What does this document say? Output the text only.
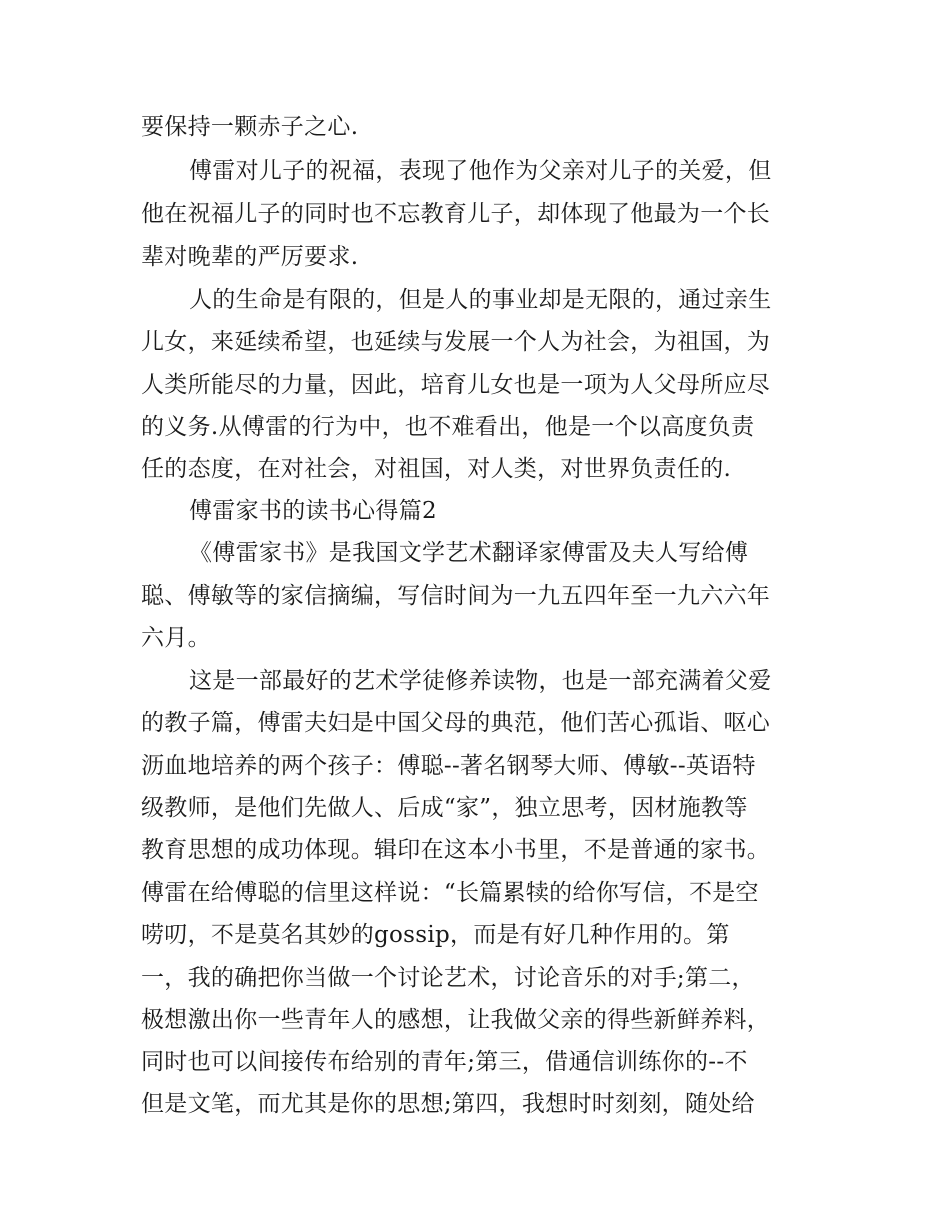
要保持一颗赤子之心.
傅雷对儿子的祝福，表现了他作为父亲对儿子的关爱，但
他在祝福儿子的同时也不忘教育儿子，却体现了他最为一个长
辈对晚辈的严厉要求.
人的生命是有限的，但是人的事业却是无限的，通过亲生
儿女，来延续希望，也延续与发展一个人为社会，为祖国，为
人类所能尽的力量，因此，培育儿女也是一项为人父母所应尽
的义务.从傅雷的行为中，也不难看出，他是一个以高度负责
任的态度，在对社会，对祖国，对人类，对世界负责任的.
傅雷家书的读书心得篇2
《傅雷家书》是我国文学艺术翻译家傅雷及夫人写给傅
聪、傅敏等的家信摘编，写信时间为一九五四年至一九六六年
六月。
这是一部最好的艺术学徒修养读物，也是一部充满着父爱
的教子篇，傅雷夫妇是中国父母的典范，他们苦心孤诣、呕心
沥血地培养的两个孩子：傅聪--著名钢琴大师、傅敏--英语特
级教师，是他们先做人、后成“家”，独立思考，因材施教等
教育思想的成功体现。辑印在这本小书里，不是普通的家书。
傅雷在给傅聪的信里这样说：“长篇累犊的给你写信，不是空
唠叨，不是莫名其妙的gossip，而是有好几种作用的。第
一，我的确把你当做一个讨论艺术，讨论音乐的对手;第二，
极想激出你一些青年人的感想，让我做父亲的得些新鲜养料，
同时也可以间接传布给别的青年;第三，借通信训练你的--不
但是文笔，而尤其是你的思想;第四，我想时时刻刻，随处给
